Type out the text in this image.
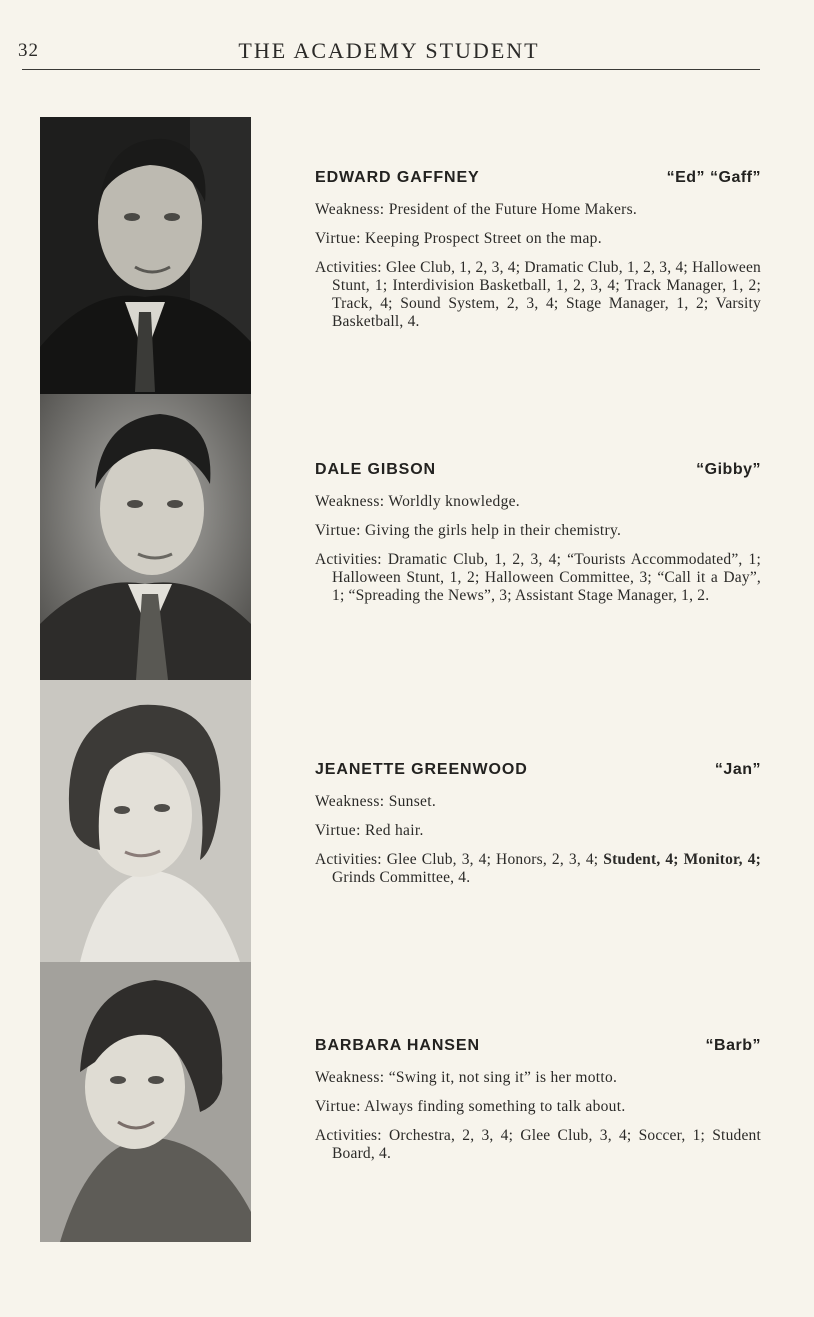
32	THE ACADEMY STUDENT
EDWARD GAFFNEY	“Ed” “Gaff”
Weakness: President of the Future Home Makers.
Virtue: Keeping Prospect Street on the map.
Activities: Glee Club, 1, 2, 3, 4; Dramatic Club, 1, 2, 3, 4; Halloween Stunt, 1; Interdivision Basketball, 1, 2, 3, 4; Track Manager, 1, 2; Track, 4; Sound System, 2, 3, 4; Stage Manager, 1, 2; Varsity Basketball, 4.
DALE GIBSON	“Gibby”
Weakness: Worldly knowledge.
Virtue: Giving the girls help in their chemistry.
Activities: Dramatic Club, 1, 2, 3, 4; “Tourists Accommodated”, 1; Halloween Stunt, 1, 2; Halloween Committee, 3; “Call it a Day”, 1; “Spreading the News”, 3; Assistant Stage Manager, 1, 2.
JEANETTE GREENWOOD	“Jan”
Weakness: Sunset.
Virtue: Red hair.
Activities: Glee Club, 3, 4; Honors, 2, 3, 4; Student, 4; Monitor, 4; Grinds Committee, 4.
BARBARA HANSEN	“Barb”
Weakness: “Swing it, not sing it” is her motto.
Virtue: Always finding something to talk about.
Activities: Orchestra, 2, 3, 4; Glee Club, 3, 4; Soccer, 1; Student Board, 4.
